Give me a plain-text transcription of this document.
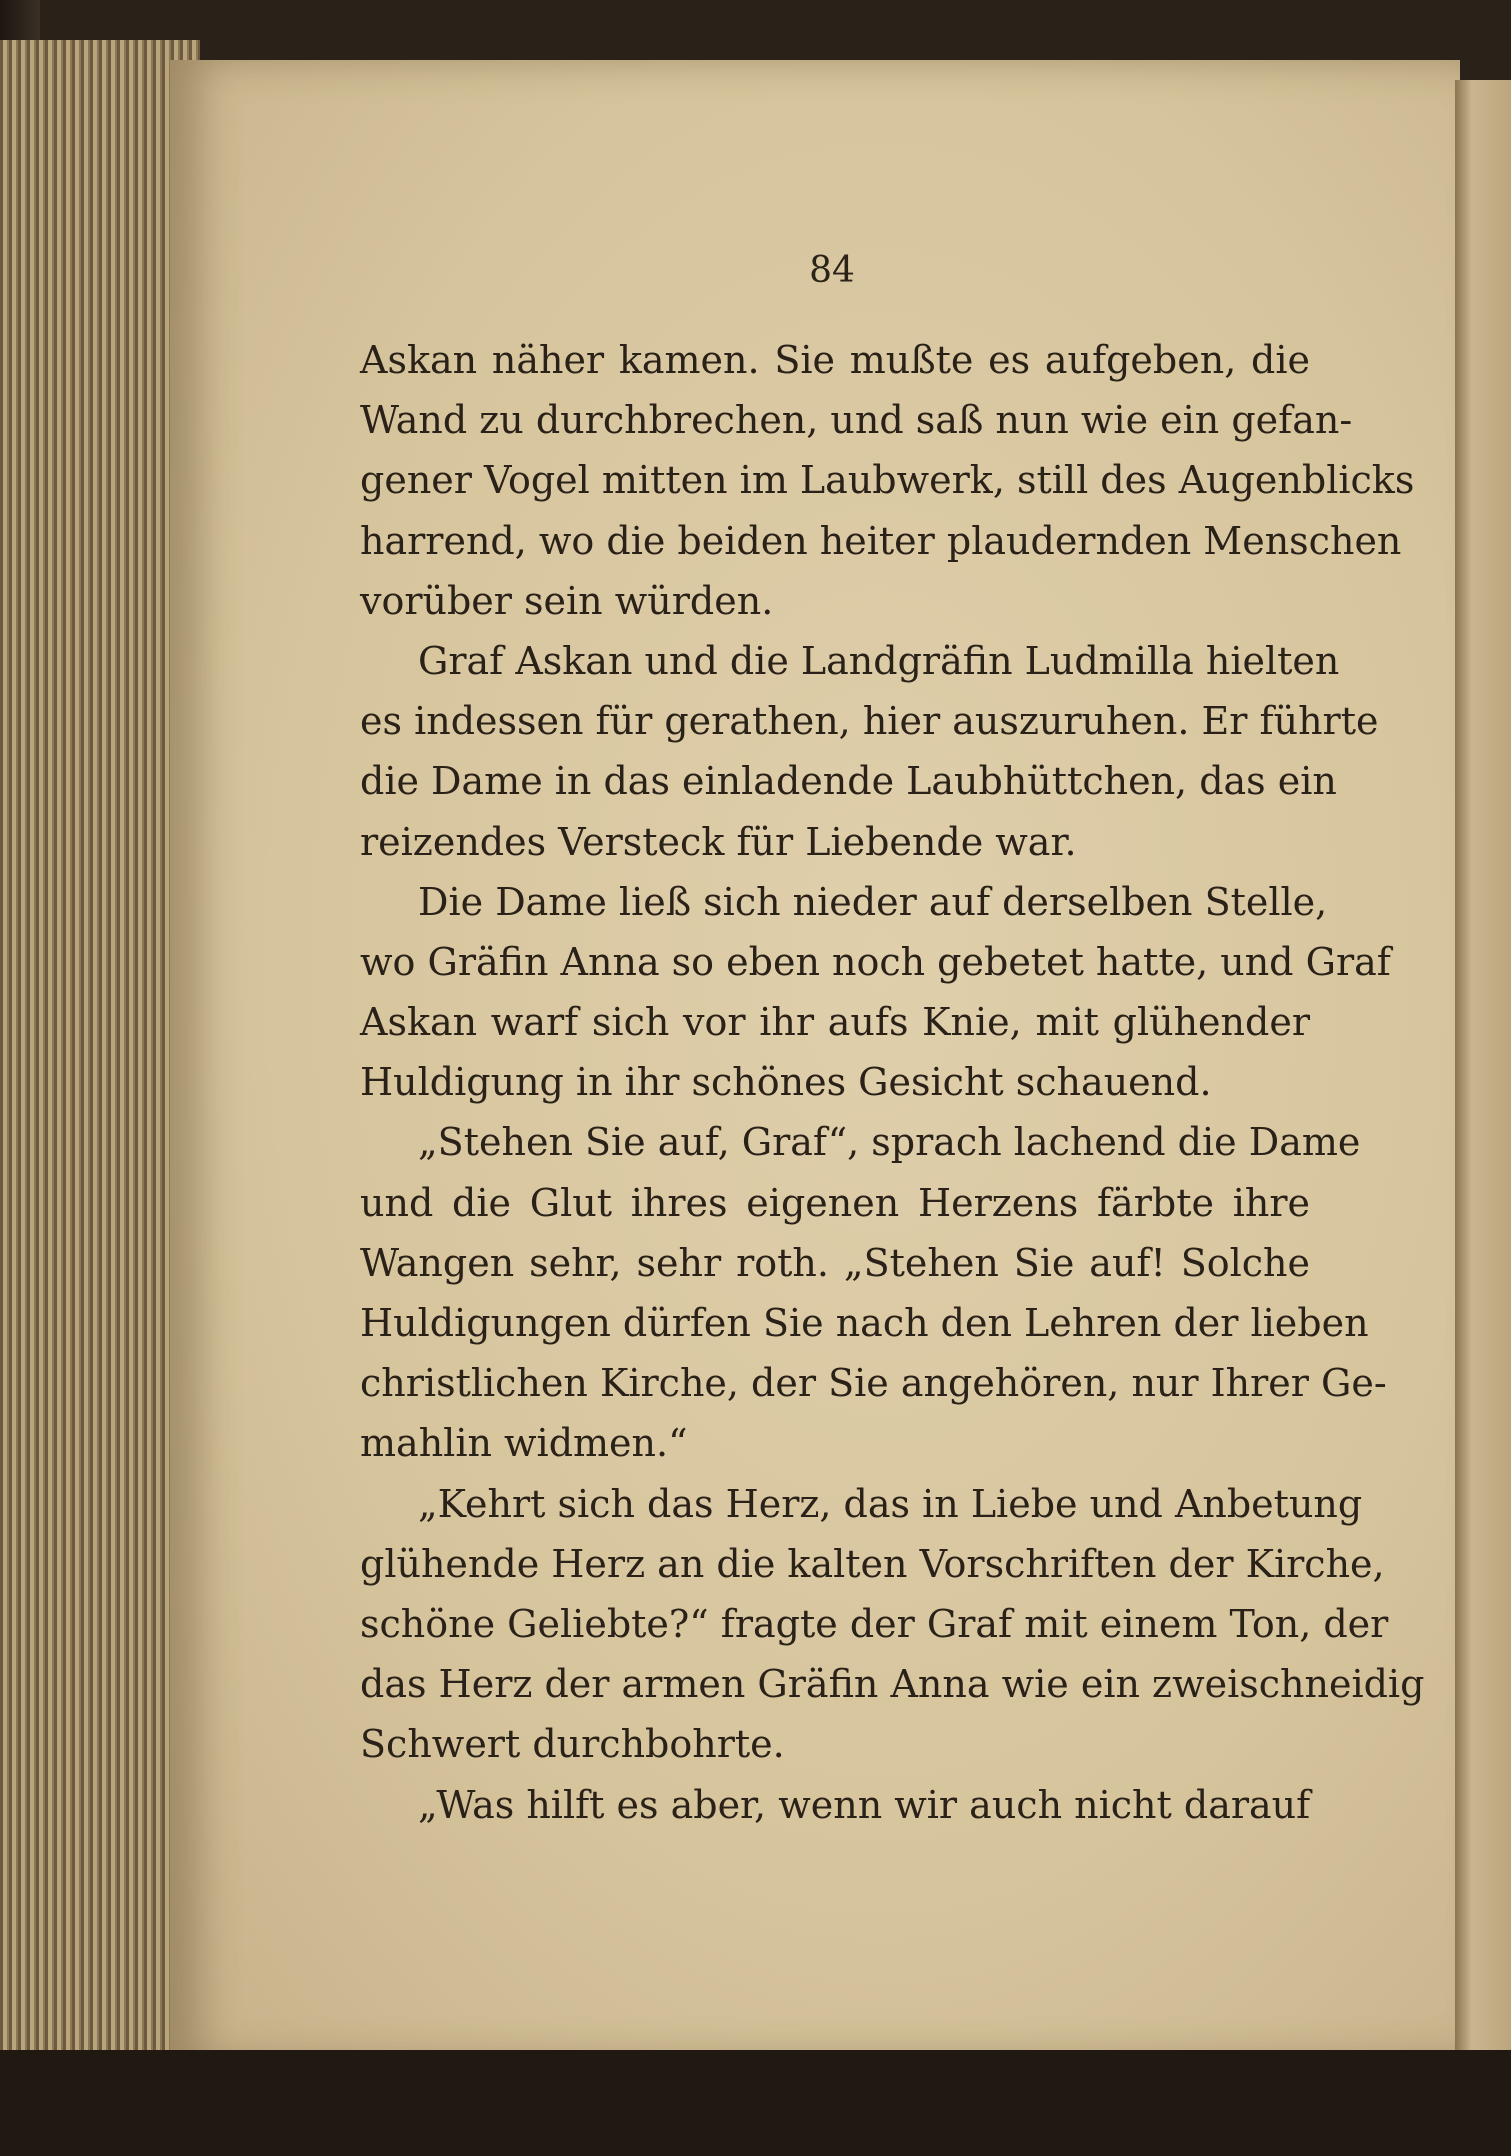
84
Askan näher kamen. Sie mußte es aufgeben, die
Wand zu durchbrechen, und saß nun wie ein gefan-
gener Vogel mitten im Laubwerk, still des Augenblicks
harrend, wo die beiden heiter plaudernden Menschen
vorüber sein würden.
Graf Askan und die Landgräfin Ludmilla hielten
es indessen für gerathen, hier auszuruhen. Er führte
die Dame in das einladende Laubhüttchen, das ein
reizendes Versteck für Liebende war.
Die Dame ließ sich nieder auf derselben Stelle,
wo Gräfin Anna so eben noch gebetet hatte, und Graf
Askan warf sich vor ihr aufs Knie, mit glühender
Huldigung in ihr schönes Gesicht schauend.
„Stehen Sie auf, Graf“, sprach lachend die Dame
und die Glut ihres eigenen Herzens färbte ihre
Wangen sehr, sehr roth. „Stehen Sie auf! Solche
Huldigungen dürfen Sie nach den Lehren der lieben
christlichen Kirche, der Sie angehören, nur Ihrer Ge-
mahlin widmen.“
„Kehrt sich das Herz, das in Liebe und Anbetung
glühende Herz an die kalten Vorschriften der Kirche,
schöne Geliebte?“ fragte der Graf mit einem Ton, der
das Herz der armen Gräfin Anna wie ein zweischneidig
Schwert durchbohrte.
„Was hilft es aber, wenn wir auch nicht darauf
